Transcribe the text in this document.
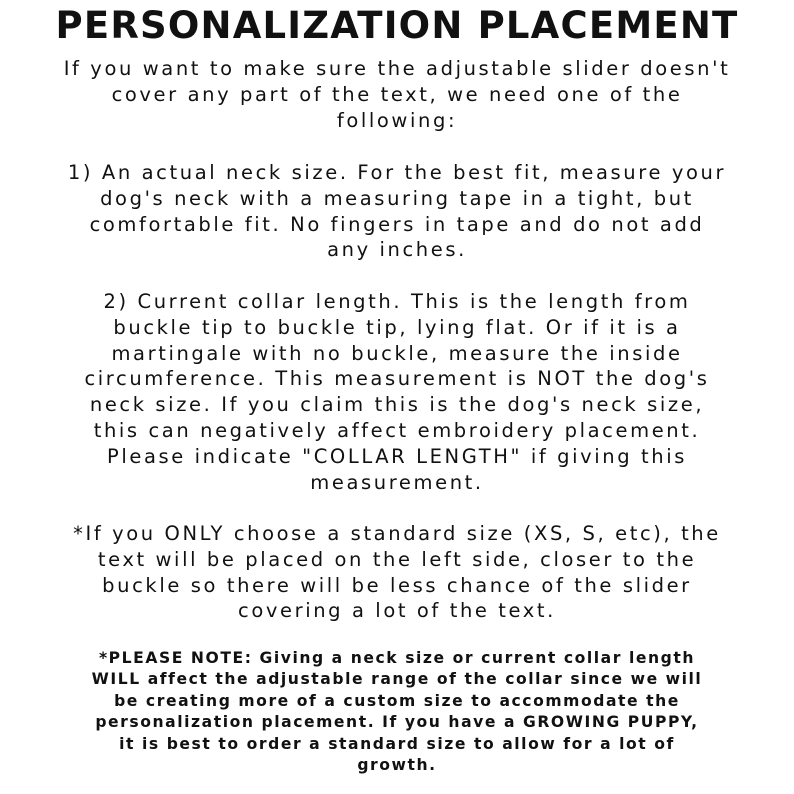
PERSONALIZATION PLACEMENT

If you want to make sure the adjustable slider doesn't
cover any part of the text, we need one of the
following:

1) An actual neck size. For the best fit, measure your
dog's neck with a measuring tape in a tight, but
comfortable fit. No fingers in tape and do not add
any inches.

2) Current collar length. This is the length from
buckle tip to buckle tip, lying flat. Or if it is a
martingale with no buckle, measure the inside
circumference. This measurement is NOT the dog's
neck size. If you claim this is the dog's neck size,
this can negatively affect embroidery placement.
Please indicate "COLLAR LENGTH" if giving this
measurement.

*If you ONLY choose a standard size (XS, S, etc), the
text will be placed on the left side, closer to the
buckle so there will be less chance of the slider
covering a lot of the text.

*PLEASE NOTE: Giving a neck size or current collar length
WILL affect the adjustable range of the collar since we will
be creating more of a custom size to accommodate the
personalization placement. If you have a GROWING PUPPY,
it is best to order a standard size to allow for a lot of
growth.
